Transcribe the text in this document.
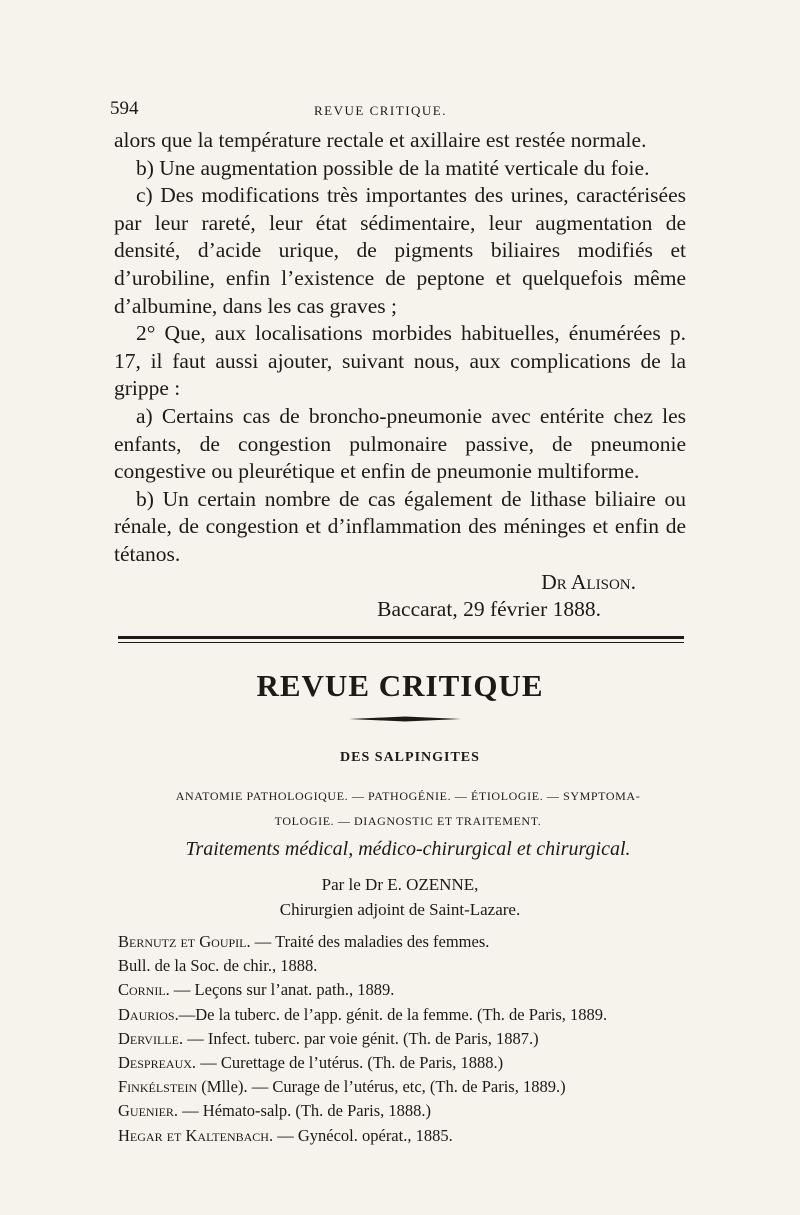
594	REVUE CRITIQUE.

alors que la température rectale et axillaire est restée normale.

b) Une augmentation possible de la matité verticale du foie.

c) Des modifications très importantes des urines, caractérisées par leur rareté, leur état sédimentaire, leur augmentation de densité, d’acide urique, de pigments biliaires modifiés et d’urobiline, enfin l’existence de peptone et quelquefois même d’albumine, dans les cas graves ;

2° Que, aux localisations morbides habituelles, énumérées p. 17, il faut aussi ajouter, suivant nous, aux complications de la grippe :

a) Certains cas de broncho-pneumonie avec entérite chez les enfants, de congestion pulmonaire passive, de pneumonie congestive ou pleurétique et enfin de pneumonie multiforme.

b) Un certain nombre de cas également de lithase biliaire ou rénale, de congestion et d’inflammation des méninges et enfin de tétanos.
Dr Alison.

Baccarat, 29 février 1888.

REVUE CRITIQUE
DES SALPINGITES
ANATOMIE PATHOLOGIQUE. — PATHOGÉNIE. — ÉTIOLOGIE. — SYMPTOMA-
TOLOGIE. — DIAGNOSTIC ET TRAITEMENT.
Traitements médical, médico-chirurgical et chirurgical.
Par le Dr E. OZENNE,
Chirurgien adjoint de Saint-Lazare.

Bernutz et Goupil. — Traité des maladies des femmes.

Bull. de la Soc. de chir., 1888.

Cornil. — Leçons sur l’anat. path., 1889.

Daurios.—De la tuberc. de l’app. génit. de la femme. (Th. de Paris, 1889.

Derville. — Infect. tuberc. par voie génit. (Th. de Paris, 1887.)

Despreaux. — Curettage de l’utérus. (Th. de Paris, 1888.)

Finkélstein (Mlle). — Curage de l’utérus, etc, (Th. de Paris, 1889.)

Guenier. — Hémato-salp. (Th. de Paris, 1888.)

Hegar et Kaltenbach. — Gynécol. opérat., 1885.
